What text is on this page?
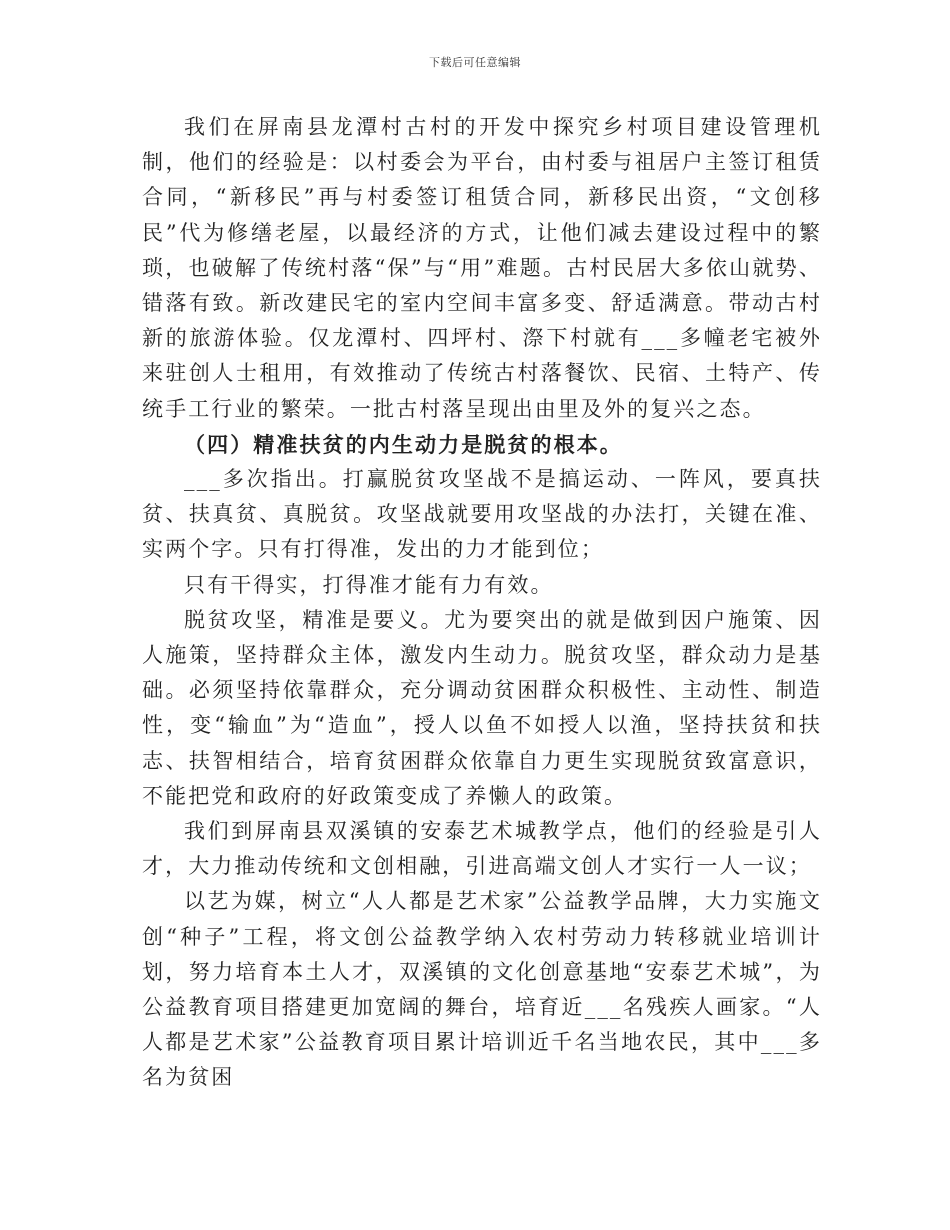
下载后可任意编辑

我们在屏南县龙潭村古村的开发中探究乡村项目建设管理机制，他们的经验是：以村委会为平台，由村委与祖居户主签订租赁合同，“新移民”再与村委签订租赁合同，新移民出资，“文创移民”代为修缮老屋，以最经济的方式，让他们减去建设过程中的繁琐，也破解了传统村落“保”与“用”难题。古村民居大多依山就势、错落有致。新改建民宅的室内空间丰富多变、舒适满意。带动古村新的旅游体验。仅龙潭村、四坪村、漈下村就有___多幢老宅被外来驻创人士租用，有效推动了传统古村落餐饮、民宿、土特产、传统手工行业的繁荣。一批古村落呈现出由里及外的复兴之态。

（四）精准扶贫的内生动力是脱贫的根本。

___多次指出。打赢脱贫攻坚战不是搞运动、一阵风，要真扶贫、扶真贫、真脱贫。攻坚战就要用攻坚战的办法打，关键在准、实两个字。只有打得准，发出的力才能到位；

只有干得实，打得准才能有力有效。

脱贫攻坚，精准是要义。尤为要突出的就是做到因户施策、因人施策，坚持群众主体，激发内生动力。脱贫攻坚，群众动力是基础。必须坚持依靠群众，充分调动贫困群众积极性、主动性、制造性，变“输血”为“造血”，授人以鱼不如授人以渔，坚持扶贫和扶志、扶智相结合，培育贫困群众依靠自力更生实现脱贫致富意识，不能把党和政府的好政策变成了养懒人的政策。

我们到屏南县双溪镇的安泰艺术城教学点，他们的经验是引人才，大力推动传统和文创相融，引进高端文创人才实行一人一议；

以艺为媒，树立“人人都是艺术家”公益教学品牌，大力实施文创“种子”工程，将文创公益教学纳入农村劳动力转移就业培训计划，努力培育本土人才，双溪镇的文化创意基地“安泰艺术城”，为公益教育项目搭建更加宽阔的舞台，培育近___名残疾人画家。“人人都是艺术家”公益教育项目累计培训近千名当地农民，其中___多名为贫困
